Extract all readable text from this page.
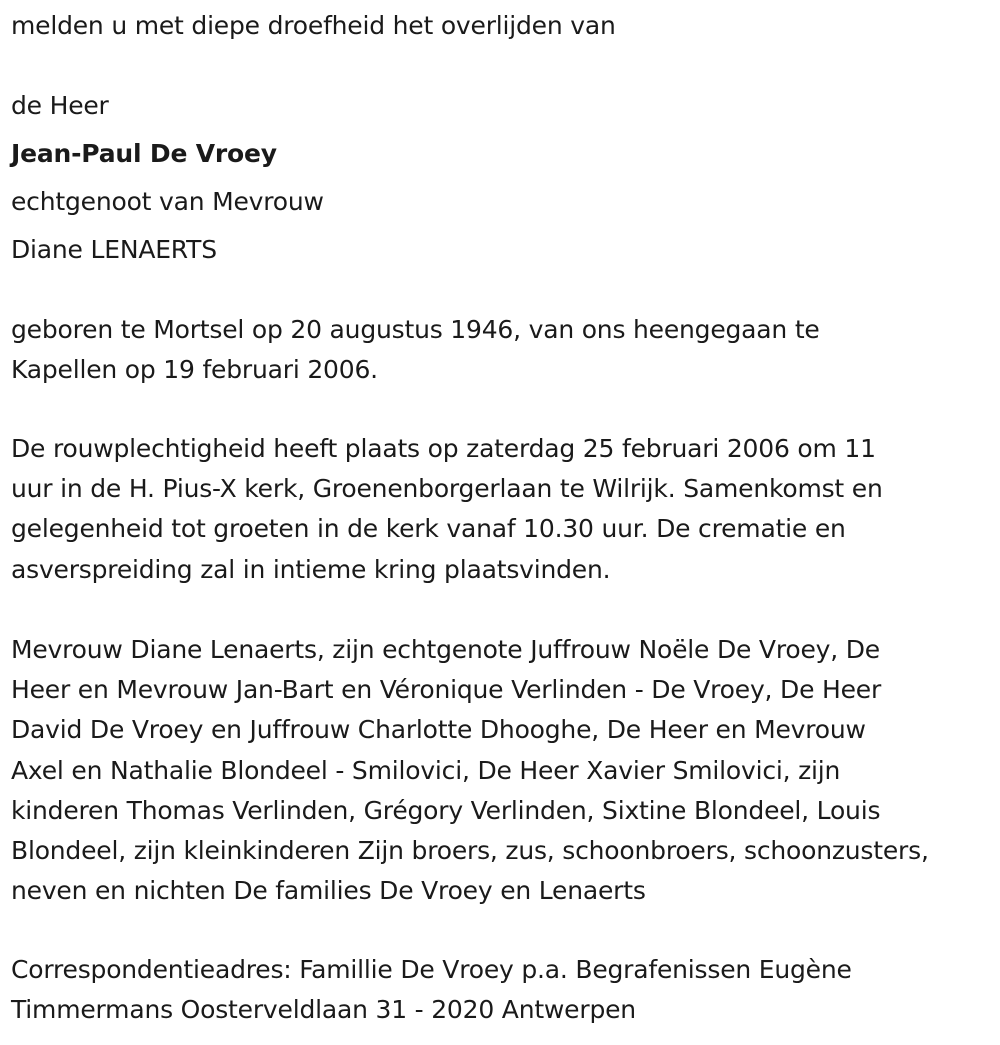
melden u met diepe droefheid het overlijden van
de Heer
Jean-Paul De Vroey
echtgenoot van Mevrouw
Diane LENAERTS
geboren te Mortsel op 20 augustus 1946, van ons heengegaan te
Kapellen op 19 februari 2006.
De rouwplechtigheid heeft plaats op zaterdag 25 februari 2006 om 11
uur in de H. Pius-X kerk, Groenenborgerlaan te Wilrijk. Samenkomst en
gelegenheid tot groeten in de kerk vanaf 10.30 uur. De crematie en
asverspreiding zal in intieme kring plaatsvinden.
Mevrouw Diane Lenaerts, zijn echtgenote Juffrouw Noële De Vroey, De
Heer en Mevrouw Jan-Bart en Véronique Verlinden - De Vroey, De Heer
David De Vroey en Juffrouw Charlotte Dhooghe, De Heer en Mevrouw
Axel en Nathalie Blondeel - Smilovici, De Heer Xavier Smilovici, zijn
kinderen Thomas Verlinden, Grégory Verlinden, Sixtine Blondeel, Louis
Blondeel, zijn kleinkinderen Zijn broers, zus, schoonbroers, schoonzusters,
neven en nichten De families De Vroey en Lenaerts
Correspondentieadres: Famillie De Vroey p.a. Begrafenissen Eugène
Timmermans Oosterveldlaan 31 - 2020 Antwerpen
